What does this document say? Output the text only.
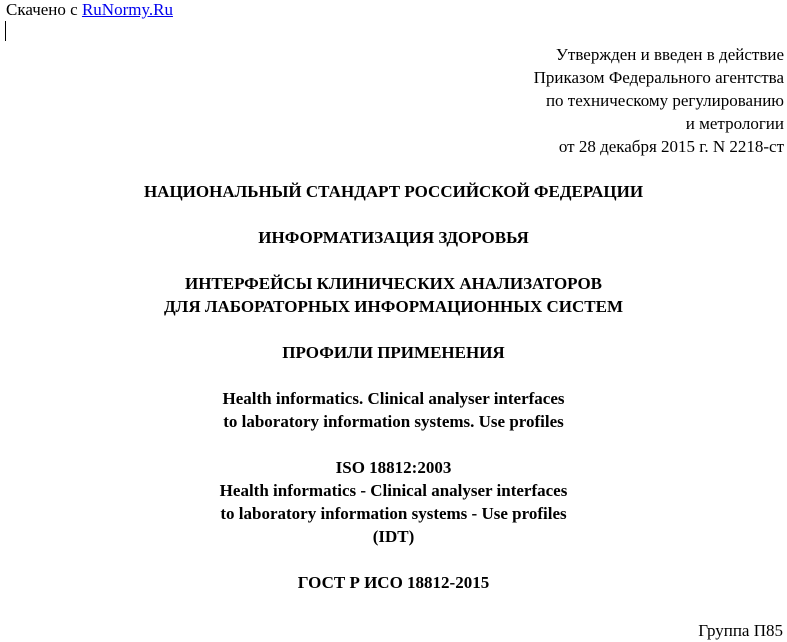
Скачено с RuNormy.Ru
Утвержден и введен в действие
Приказом Федерального агентства
по техническому регулированию
и метрологии
от 28 декабря 2015 г. N 2218-ст
НАЦИОНАЛЬНЫЙ СТАНДАРТ РОССИЙСКОЙ ФЕДЕРАЦИИ
ИНФОРМАТИЗАЦИЯ ЗДОРОВЬЯ
ИНТЕРФЕЙСЫ КЛИНИЧЕСКИХ АНАЛИЗАТОРОВ
ДЛЯ ЛАБОРАТОРНЫХ ИНФОРМАЦИОННЫХ СИСТЕМ
ПРОФИЛИ ПРИМЕНЕНИЯ
Health informatics. Clinical analyser interfaces
to laboratory information systems. Use profiles
ISO 18812:2003
Health informatics - Clinical analyser interfaces
to laboratory information systems - Use profiles
(IDT)
ГОСТ Р ИСО 18812-2015
Группа П85
